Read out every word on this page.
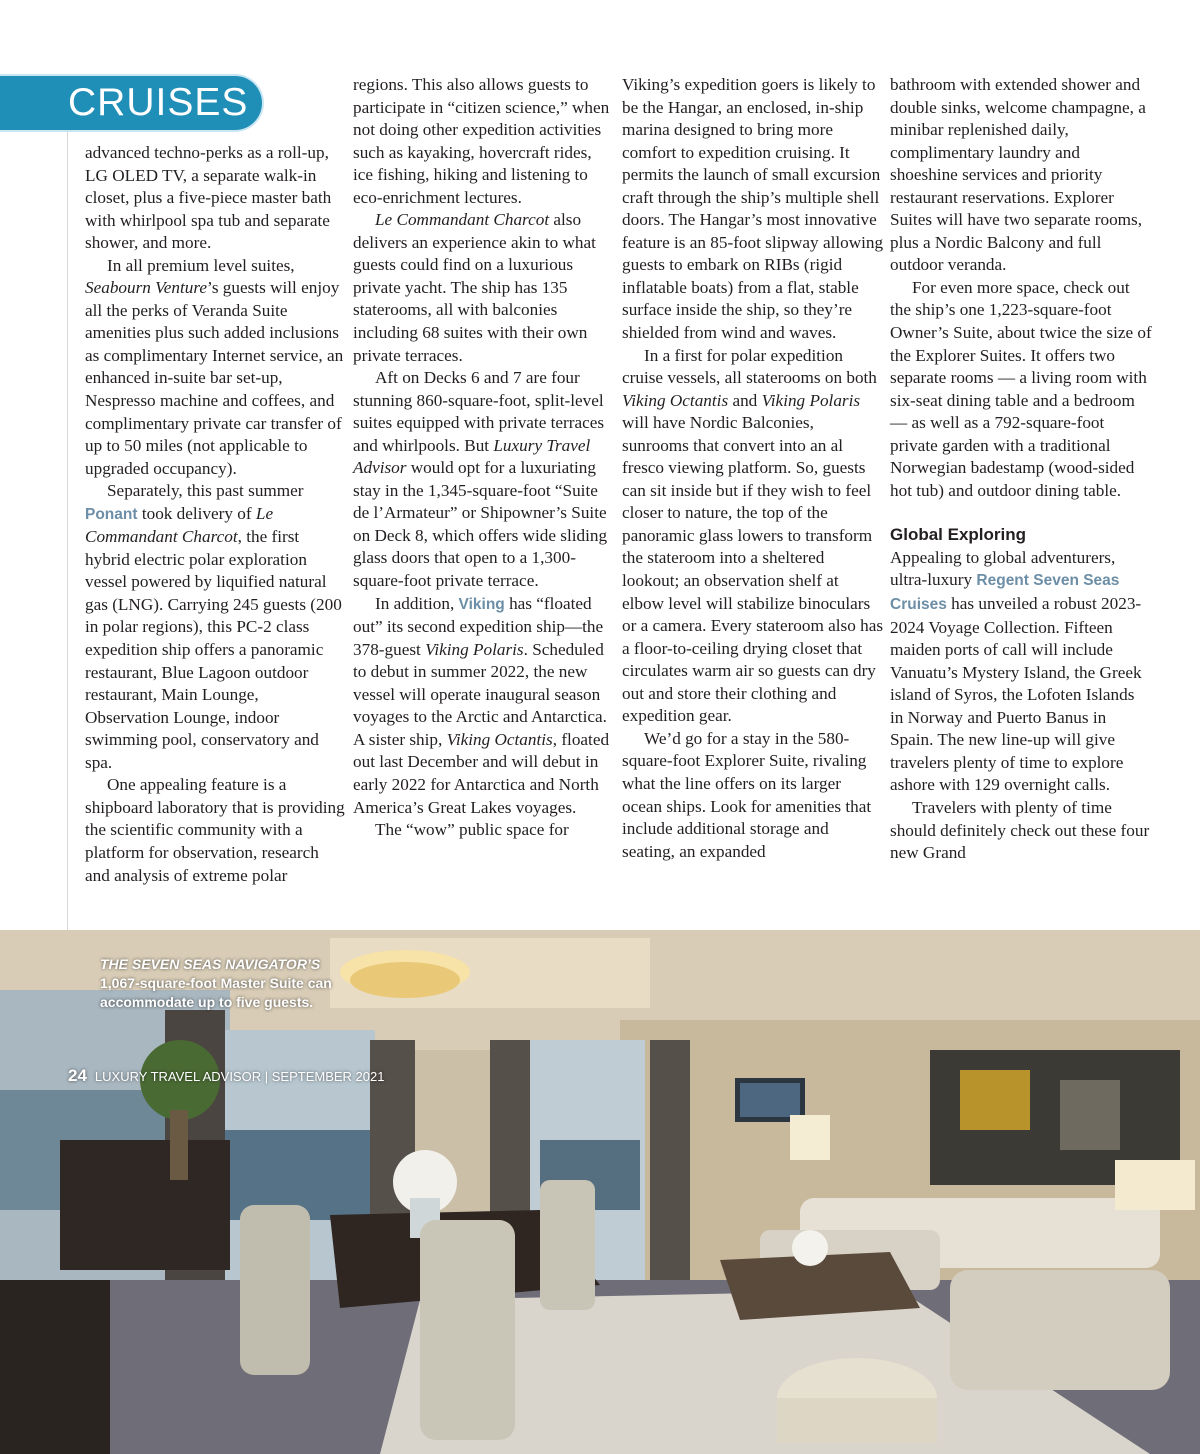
CRUISES

advanced techno-perks as a roll-up, LG OLED TV, a separate walk-in closet, plus a five-piece master bath with whirlpool spa tub and separate shower, and more.

In all premium level suites, Seabourn Venture’s guests will enjoy all the perks of Veranda Suite amenities plus such added inclusions as complimentary Internet service, an enhanced in-suite bar set-up, Nespresso machine and coffees, and complimentary private car transfer of up to 50 miles (not applicable to upgraded occupancy).

Separately, this past summer Ponant took delivery of Le Commandant Charcot, the first hybrid electric polar exploration vessel powered by liquified natural gas (LNG). Carrying 245 guests (200 in polar regions), this PC-2 class expedition ship offers a panoramic restaurant, Blue Lagoon outdoor restaurant, Main Lounge, Observation Lounge, indoor swimming pool, conservatory and spa.

One appealing feature is a shipboard laboratory that is providing the scientific community with a platform for observation, research and analysis of extreme polar

regions. This also allows guests to participate in “citizen science,” when not doing other expedition activities such as kayaking, hovercraft rides, ice fishing, hiking and listening to eco-enrichment lectures.

Le Commandant Charcot also delivers an experience akin to what guests could find on a luxurious private yacht. The ship has 135 staterooms, all with balconies including 68 suites with their own private terraces.

Aft on Decks 6 and 7 are four stunning 860-square-foot, split-level suites equipped with private terraces and whirlpools. But Luxury Travel Advisor would opt for a luxuriating stay in the 1,345-square-foot “Suite de l’Armateur” or Shipowner’s Suite on Deck 8, which offers wide sliding glass doors that open to a 1,300-square-foot private terrace.

In addition, Viking has “floated out” its second expedition ship—the 378-guest Viking Polaris. Scheduled to debut in summer 2022, the new vessel will operate inaugural season voyages to the Arctic and Antarctica. A sister ship, Viking Octantis, floated out last December and will debut in early 2022 for Antarctica and North America’s Great Lakes voyages.

The “wow” public space for

Viking’s expedition goers is likely to be the Hangar, an enclosed, in-ship marina designed to bring more comfort to expedition cruising. It permits the launch of small excursion craft through the ship’s multiple shell doors. The Hangar’s most innovative feature is an 85-foot slipway allowing guests to embark on RIBs (rigid inflatable boats) from a flat, stable surface inside the ship, so they’re shielded from wind and waves.

In a first for polar expedition cruise vessels, all staterooms on both Viking Octantis and Viking Polaris will have Nordic Balconies, sunrooms that convert into an al fresco viewing platform. So, guests can sit inside but if they wish to feel closer to nature, the top of the panoramic glass lowers to transform the stateroom into a sheltered lookout; an observation shelf at elbow level will stabilize binoculars or a camera. Every stateroom also has a floor-to-ceiling drying closet that circulates warm air so guests can dry out and store their clothing and expedition gear.

We’d go for a stay in the 580-square-foot Explorer Suite, rivaling what the line offers on its larger ocean ships. Look for amenities that include additional storage and seating, an expanded

bathroom with extended shower and double sinks, welcome champagne, a minibar replenished daily, complimentary laundry and shoeshine services and priority restaurant reservations. Explorer Suites will have two separate rooms, plus a Nordic Balcony and full outdoor veranda.

For even more space, check out the ship’s one 1,223-square-foot Owner’s Suite, about twice the size of the Explorer Suites. It offers two separate rooms — a living room with six-seat dining table and a bedroom — as well as a 792-square-foot private garden with a traditional Norwegian badestamp (wood-sided hot tub) and outdoor dining table.

Global Exploring

Appealing to global adventurers, ultra-luxury Regent Seven Seas Cruises has unveiled a robust 2023-2024 Voyage Collection. Fifteen maiden ports of call will include Vanuatu’s Mystery Island, the Greek island of Syros, the Lofoten Islands in Norway and Puerto Banus in Spain. The new line-up will give travelers plenty of time to explore ashore with 129 overnight calls.

Travelers with plenty of time should definitely check out these four new Grand

THE SEVEN SEAS NAVIGATOR’S
1,067-square-foot Master Suite can accommodate up to five guests.
24 LUXURY TRAVEL ADVISOR | SEPTEMBER 2021
